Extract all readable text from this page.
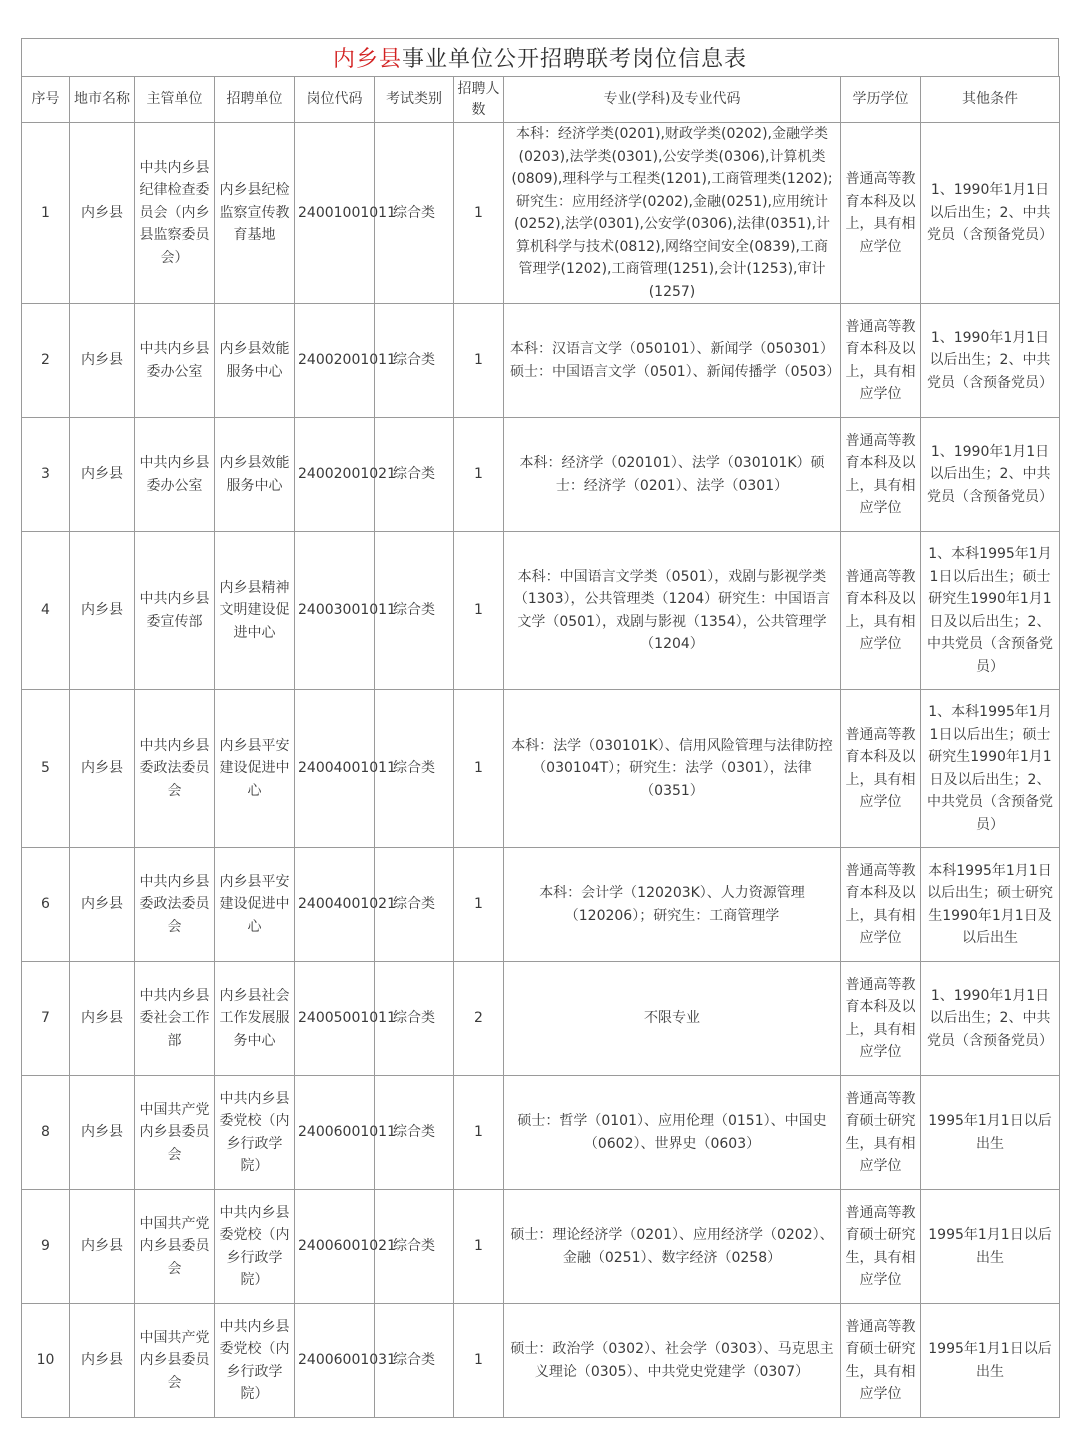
内乡县 事业单位公开招聘联考岗位信息表
序号	地市名称	主管单位	招聘单位	岗位代码	考试类别	招聘人数	专业(学科)及专业代码	学历学位	其他条件
1	内乡县	中共内乡县纪律检查委员会（内乡县监察委员会）	内乡县纪检监察宣传教育基地	24001001011	综合类	1	本科：经济学类(0201),财政学类(0202),金融学类(0203),法学类(0301),公安学类(0306),计算机类(0809),理科学与工程类(1201),工商管理类(1202);研究生：应用经济学(0202),金融(0251),应用统计(0252),法学(0301),公安学(0306),法律(0351),计算机科学与技术(0812),网络空间安全(0839),工商管理学(1202),工商管理(1251),会计(1253),审计(1257)	普通高等教育本科及以上，具有相应学位	1、1990年1月1日以后出生；2、中共党员（含预备党员）
2	内乡县	中共内乡县委办公室	内乡县效能服务中心	24002001011	综合类	1	本科：汉语言文学（050101）、新闻学（050301）硕士：中国语言文学（0501）、新闻传播学（0503）	普通高等教育本科及以上，具有相应学位	1、1990年1月1日以后出生；2、中共党员（含预备党员）
3	内乡县	中共内乡县委办公室	内乡县效能服务中心	24002001021	综合类	1	本科：经济学（020101）、法学（030101K）硕士：经济学（0201）、法学（0301）	普通高等教育本科及以上，具有相应学位	1、1990年1月1日以后出生；2、中共党员（含预备党员）
4	内乡县	中共内乡县委宣传部	内乡县精神文明建设促进中心	24003001011	综合类	1	本科：中国语言文学类（0501），戏剧与影视学类（1303），公共管理类（1204）研究生：中国语言文学（0501），戏剧与影视（1354），公共管理学（1204）	普通高等教育本科及以上，具有相应学位	1、本科1995年1月1日以后出生；硕士研究生1990年1月1日及以后出生；2、中共党员（含预备党员）
5	内乡县	中共内乡县委政法委员会	内乡县平安建设促进中心	24004001011	综合类	1	本科：法学（030101K）、信用风险管理与法律防控（030104T）；研究生：法学（0301），法律（0351）	普通高等教育本科及以上，具有相应学位	1、本科1995年1月1日以后出生；硕士研究生1990年1月1日及以后出生；2、中共党员（含预备党员）
6	内乡县	中共内乡县委政法委员会	内乡县平安建设促进中心	24004001021	综合类	1	本科：会计学（120203K）、人力资源管理（120206）；研究生：工商管理学	普通高等教育本科及以上，具有相应学位	本科1995年1月1日以后出生；硕士研究生1990年1月1日及以后出生
7	内乡县	中共内乡县委社会工作部	内乡县社会工作发展服务中心	24005001011	综合类	2	不限专业	普通高等教育本科及以上，具有相应学位	1、1990年1月1日以后出生；2、中共党员（含预备党员）
8	内乡县	中国共产党内乡县委员会	中共内乡县委党校（内乡行政学院）	24006001011	综合类	1	硕士：哲学（0101）、应用伦理（0151）、中国史（0602）、世界史（0603）	普通高等教育硕士研究生，具有相应学位	1995年1月1日以后出生
9	内乡县	中国共产党内乡县委员会	中共内乡县委党校（内乡行政学院）	24006001021	综合类	1	硕士：理论经济学（0201）、应用经济学（0202）、金融（0251）、数字经济（0258）	普通高等教育硕士研究生，具有相应学位	1995年1月1日以后出生
10	内乡县	中国共产党内乡县委员会	中共内乡县委党校（内乡行政学院）	24006001031	综合类	1	硕士：政治学（0302）、社会学（0303）、马克思主义理论（0305）、中共党史党建学（0307）	普通高等教育硕士研究生，具有相应学位	1995年1月1日以后出生
